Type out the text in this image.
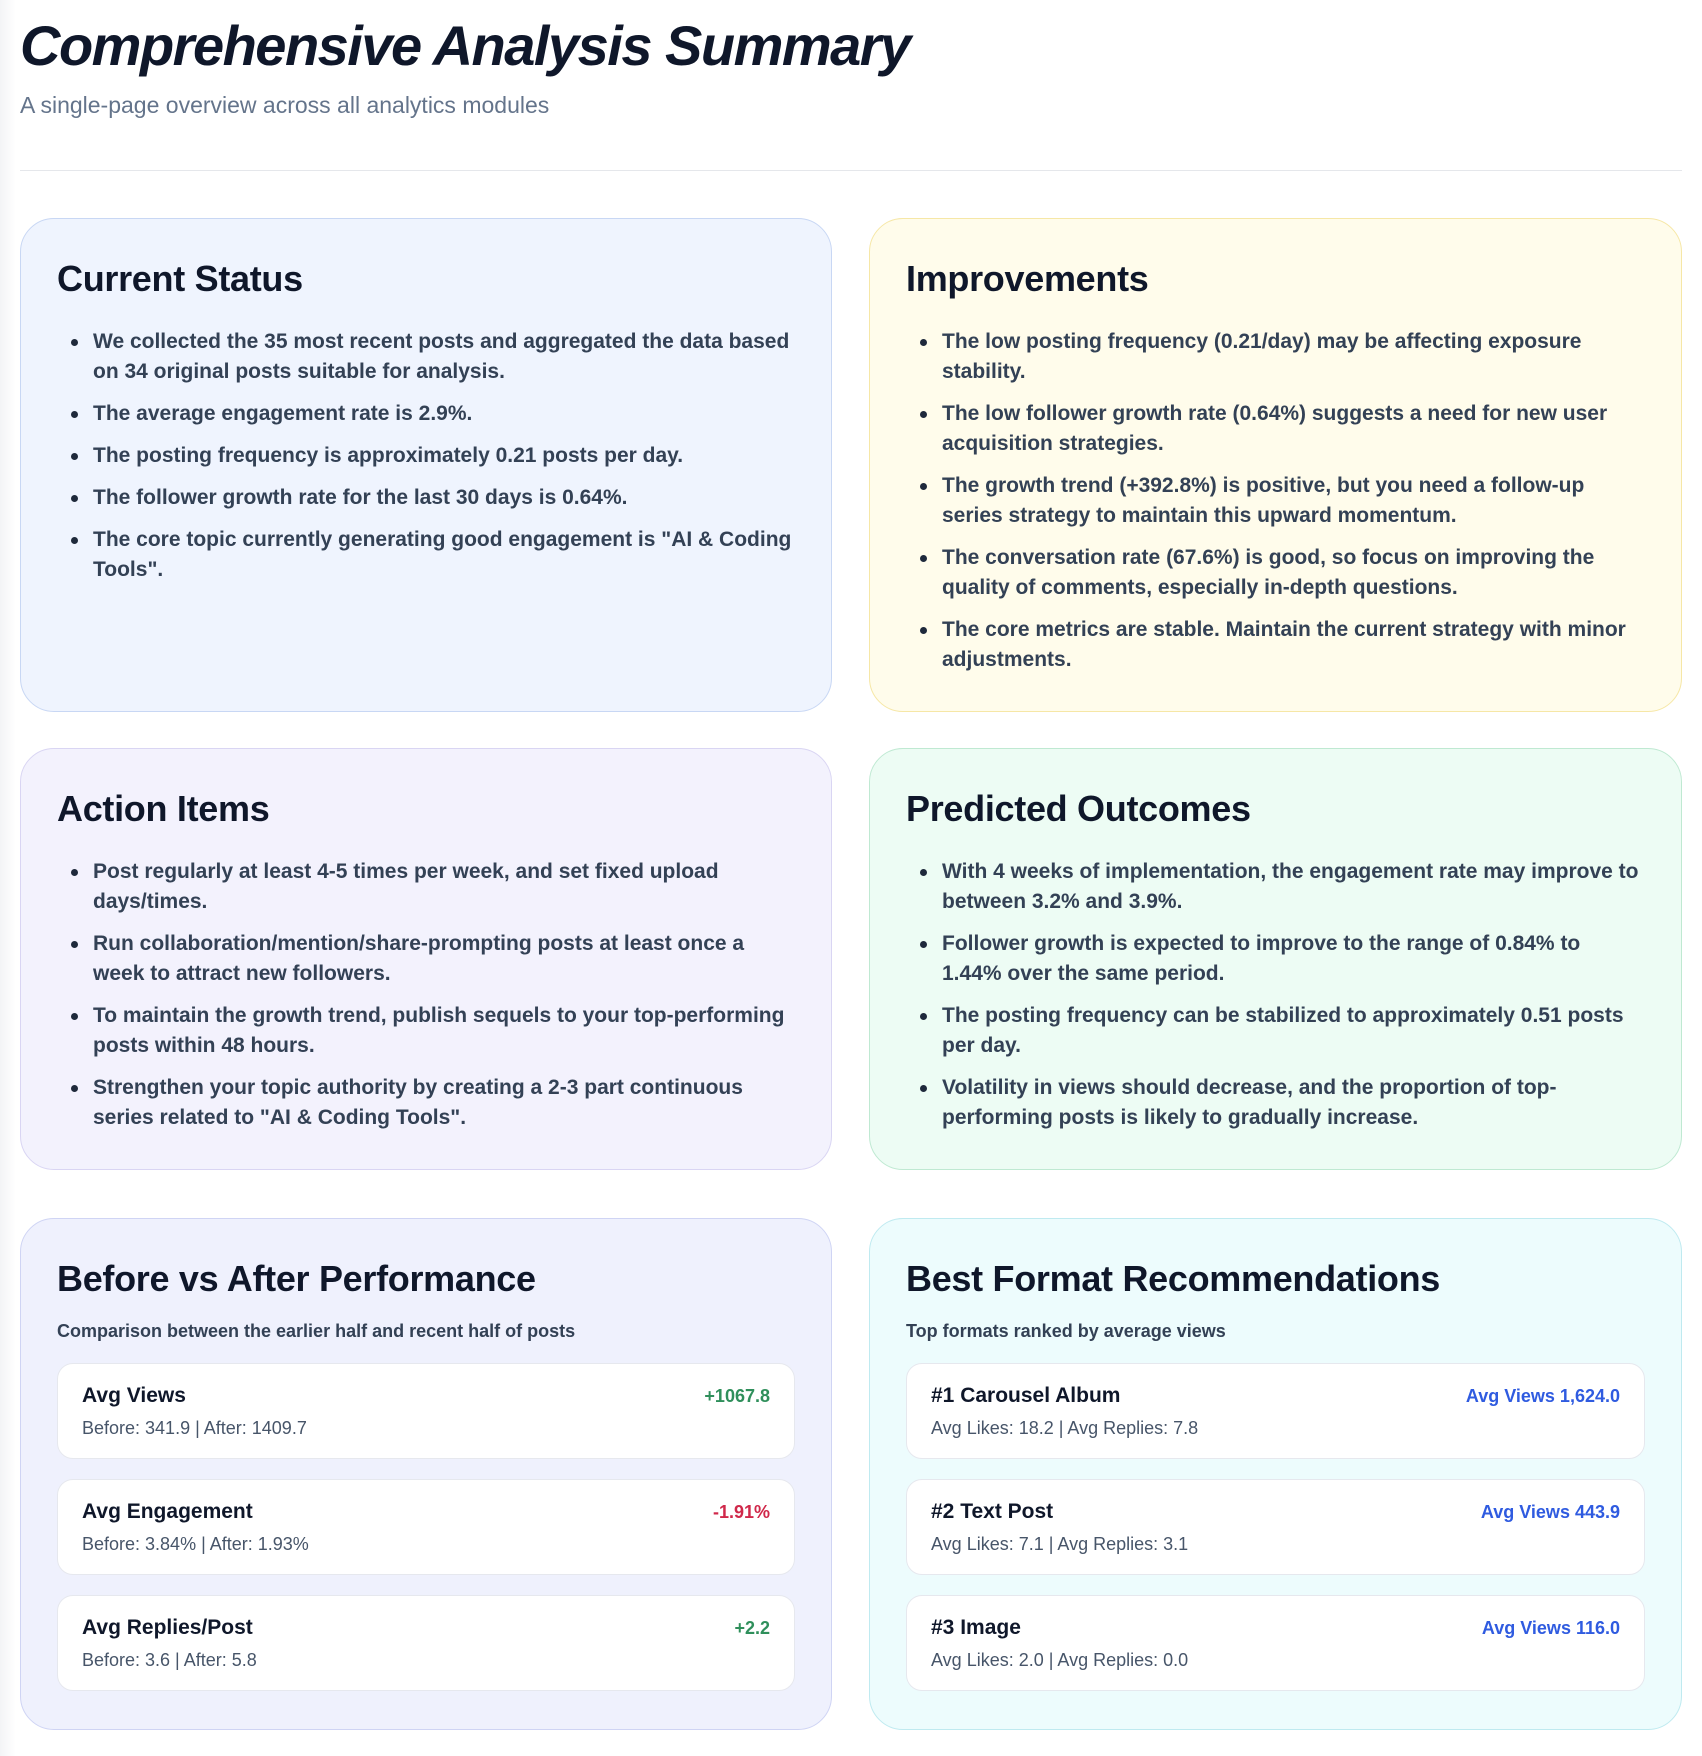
Comprehensive Analysis Summary
A single-page overview across all analytics modules
Current Status
We collected the 35 most recent posts and aggregated the data based on 34 original posts suitable for analysis.
The average engagement rate is 2.9%.
The posting frequency is approximately 0.21 posts per day.
The follower growth rate for the last 30 days is 0.64%.
The core topic currently generating good engagement is "AI & Coding Tools".
Improvements
The low posting frequency (0.21/day) may be affecting exposure stability.
The low follower growth rate (0.64%) suggests a need for new user acquisition strategies.
The growth trend (+392.8%) is positive, but you need a follow-up series strategy to maintain this upward momentum.
The conversation rate (67.6%) is good, so focus on improving the quality of comments, especially in-depth questions.
The core metrics are stable. Maintain the current strategy with minor adjustments.
Action Items
Post regularly at least 4-5 times per week, and set fixed upload days/times.
Run collaboration/mention/share-prompting posts at least once a week to attract new followers.
To maintain the growth trend, publish sequels to your top-performing posts within 48 hours.
Strengthen your topic authority by creating a 2-3 part continuous series related to "AI & Coding Tools".
Predicted Outcomes
With 4 weeks of implementation, the engagement rate may improve to between 3.2% and 3.9%.
Follower growth is expected to improve to the range of 0.84% to 1.44% over the same period.
The posting frequency can be stabilized to approximately 0.51 posts per day.
Volatility in views should decrease, and the proportion of top-performing posts is likely to gradually increase.
Before vs After Performance
Comparison between the earlier half and recent half of posts
Avg Views
Before: 341.9 | After: 1409.7
+1067.8
Avg Engagement
Before: 3.84% | After: 1.93%
-1.91%
Avg Replies/Post
Before: 3.6 | After: 5.8
+2.2
Best Format Recommendations
Top formats ranked by average views
#1 Carousel Album
Avg Likes: 18.2 | Avg Replies: 7.8
Avg Views 1,624.0
#2 Text Post
Avg Likes: 7.1 | Avg Replies: 3.1
Avg Views 443.9
#3 Image
Avg Likes: 2.0 | Avg Replies: 0.0
Avg Views 116.0
